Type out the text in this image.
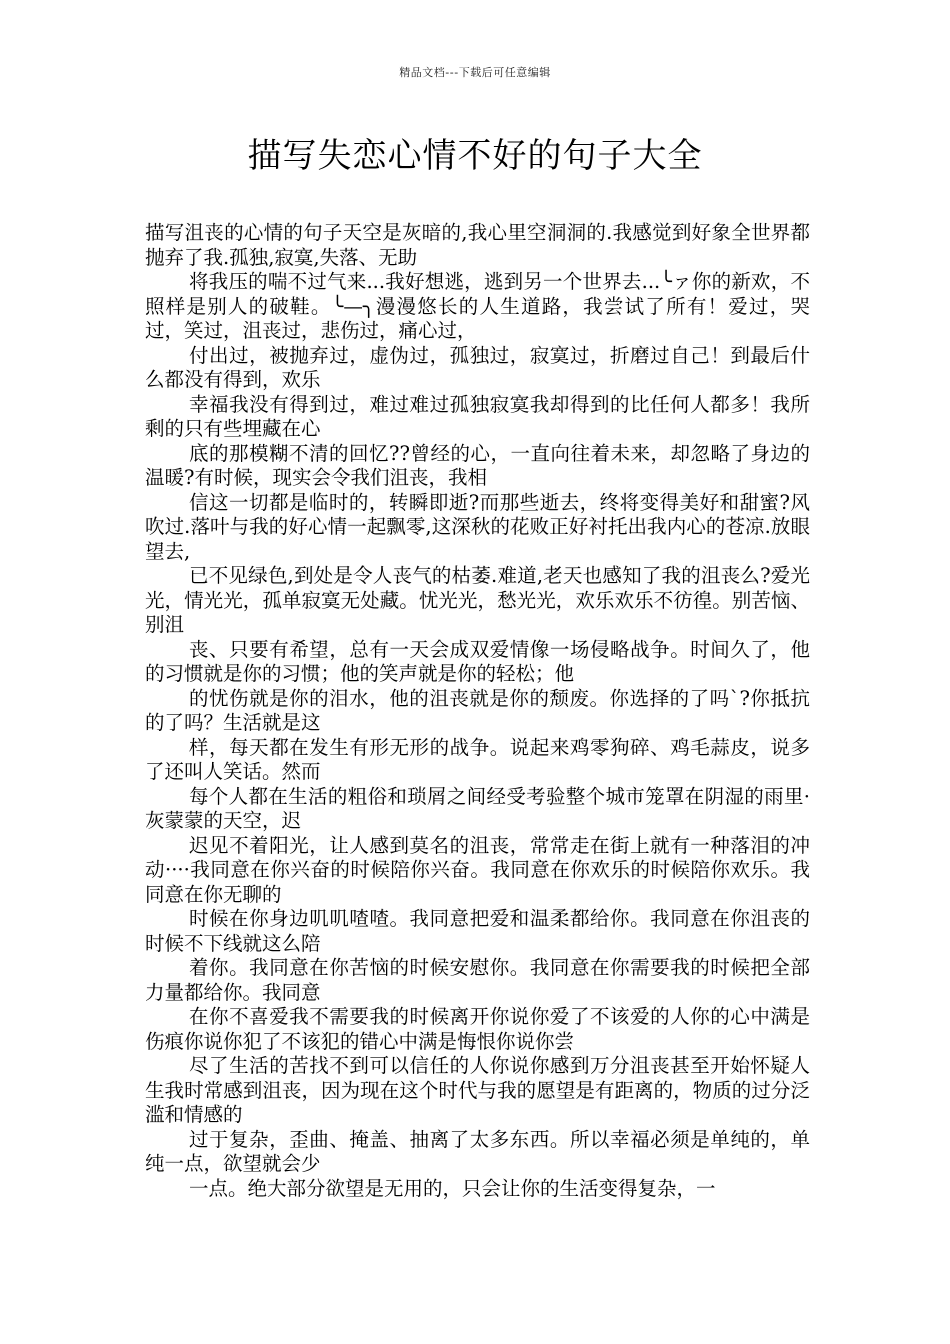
精品文档---下载后可任意编辑
描写失恋心情不好的句子大全

描写沮丧的心情的句子天空是灰暗的,我心里空洞洞的.我感觉到好象全世界都抛弃了我.孤独,寂寞,失落、无助

将我压的喘不过气来...我好想逃，逃到另一个世界去...╰ァ你的新欢，不照样是别人的破鞋。╰—╮漫漫悠长的人生道路，我尝试了所有！爱过，哭过，笑过，沮丧过，悲伤过，痛心过，

付出过，被抛弃过，虚伪过，孤独过，寂寞过，折磨过自己！到最后什么都没有得到，欢乐

幸福我没有得到过，难过难过孤独寂寞我却得到的比任何人都多！我所剩的只有些埋藏在心

底的那模糊不清的回忆??曾经的心，一直向往着未来，却忽略了身边的温暖?有时候，现实会令我们沮丧，我相

信这一切都是临时的，转瞬即逝?而那些逝去，终将变得美好和甜蜜?风吹过.落叶与我的好心情一起飘零,这深秋的花败正好衬托出我内心的苍凉.放眼望去,

已不见绿色,到处是令人丧气的枯萎.难道,老天也感知了我的沮丧么?爱光光，情光光，孤单寂寞无处藏。忧光光，愁光光，欢乐欢乐不彷徨。别苦恼、别沮

丧、只要有希望，总有一天会成双爱情像一场侵略战争。时间久了，他的习惯就是你的习惯；他的笑声就是你的轻松；他

的忧伤就是你的泪水，他的沮丧就是你的颓废。你选择的了吗`?你抵抗的了吗？生活就是这

样，每天都在发生有形无形的战争。说起来鸡零狗碎、鸡毛蒜皮，说多了还叫人笑话。然而

每个人都在生活的粗俗和琐屑之间经受考验整个城市笼罩在阴湿的雨里·灰蒙蒙的天空，迟

迟见不着阳光，让人感到莫名的沮丧，常常走在街上就有一种落泪的冲动····我同意在你兴奋的时候陪你兴奋。我同意在你欢乐的时候陪你欢乐。我同意在你无聊的

时候在你身边叽叽喳喳。我同意把爱和温柔都给你。我同意在你沮丧的时候不下线就这么陪

着你。我同意在你苦恼的时候安慰你。我同意在你需要我的时候把全部力量都给你。我同意

在你不喜爱我不需要我的时候离开你说你爱了不该爱的人你的心中满是伤痕你说你犯了不该犯的错心中满是悔恨你说你尝

尽了生活的苦找不到可以信任的人你说你感到万分沮丧甚至开始怀疑人生我时常感到沮丧，因为现在这个时代与我的愿望是有距离的，物质的过分泛滥和情感的

过于复杂，歪曲、掩盖、抽离了太多东西。所以幸福必须是单纯的，单纯一点，欲望就会少

一点。绝大部分欲望是无用的，只会让你的生活变得复杂，一
